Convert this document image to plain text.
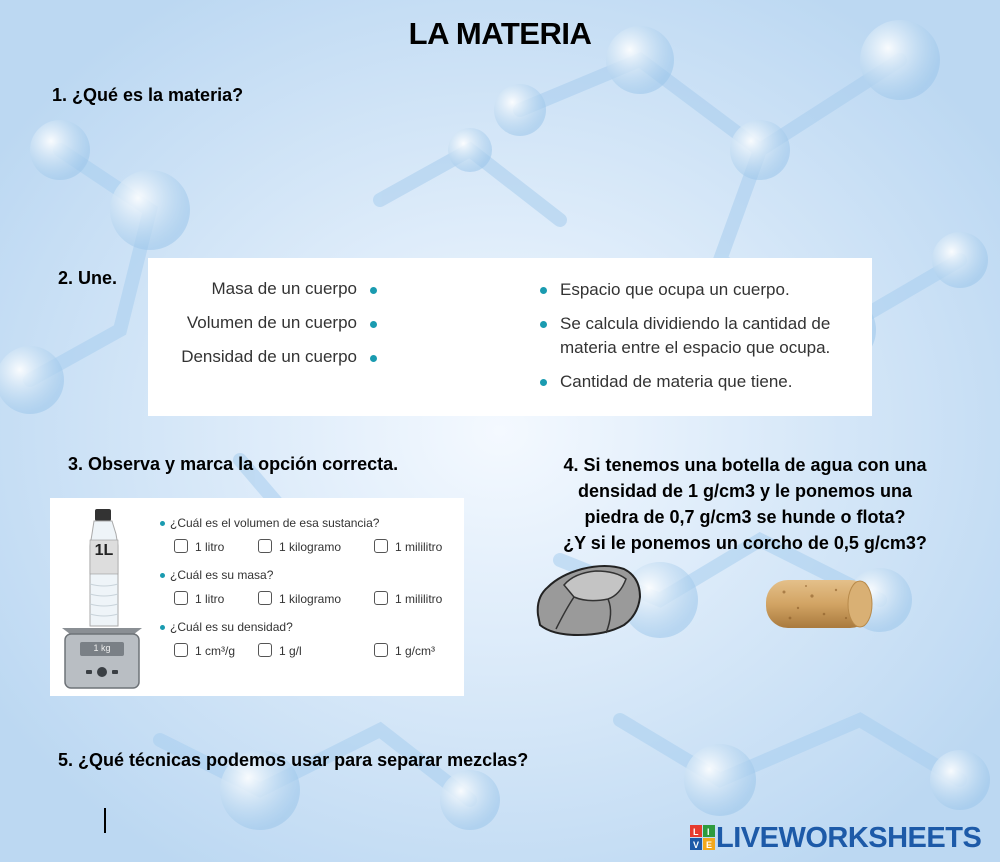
LA MATERIA
1. ¿Qué es la materia?
2. Une.
Masa de un cuerpo
Volumen de un cuerpo
Densidad de un cuerpo
Espacio que ocupa un cuerpo.
Se calcula dividiendo la cantidad de materia entre el espacio que ocupa.
Cantidad de materia que tiene.
3. Observa y marca la opción correcta.	4. Si tenemos una botella de agua con una
densidad de 1 g/cm3 y le ponemos una
piedra de 0,7 g/cm3 se hunde o flota?
¿Y si le ponemos un corcho de 0,5 g/cm3?
1L
1 kg
¿Cuál es el volumen de esa sustancia?
1 litro	1 kilogramo	1 mililitro
¿Cuál es su masa?
1 litro	1 kilogramo	1 mililitro
¿Cuál es su densidad?
1 cm³/g	1 g/l	1 g/cm³
5. ¿Qué técnicas podemos usar para separar mezclas?
L I
V E LIVEWORKSHEETS
